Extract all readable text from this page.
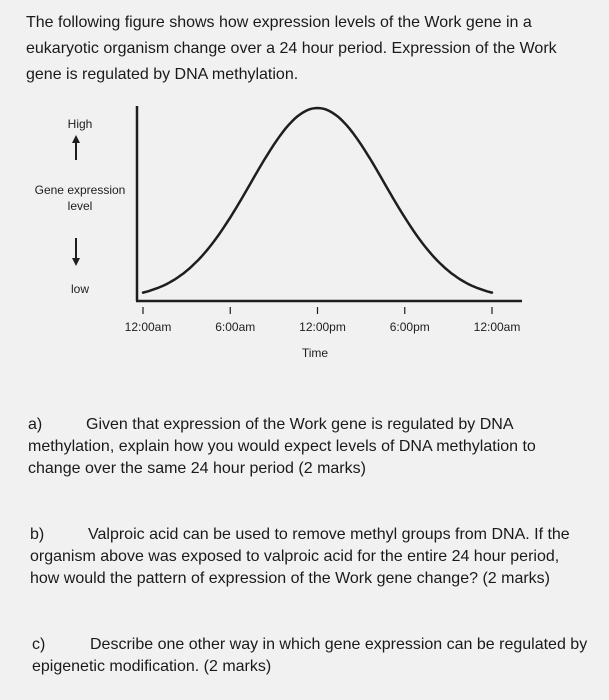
The following figure shows how expression levels of the Work gene in a

eukaryotic organism change over a 24 hour period. Expression of the Work

gene is regulated by DNA methylation.

High
Gene expression
level
low
12:00am	6:00am	12:00pm	6:00pm	12:00am
Time
a)	Given that expression of the Work gene is regulated by DNA
methylation, explain how you would expect levels of DNA methylation to
change over the same 24 hour period (2 marks)
b)	Valproic acid can be used to remove methyl groups from DNA. If the
organism above was exposed to valproic acid for the entire 24 hour period,
how would the pattern of expression of the Work gene change? (2 marks)
c)	Describe one other way in which gene expression can be regulated by
epigenetic modification. (2 marks)
